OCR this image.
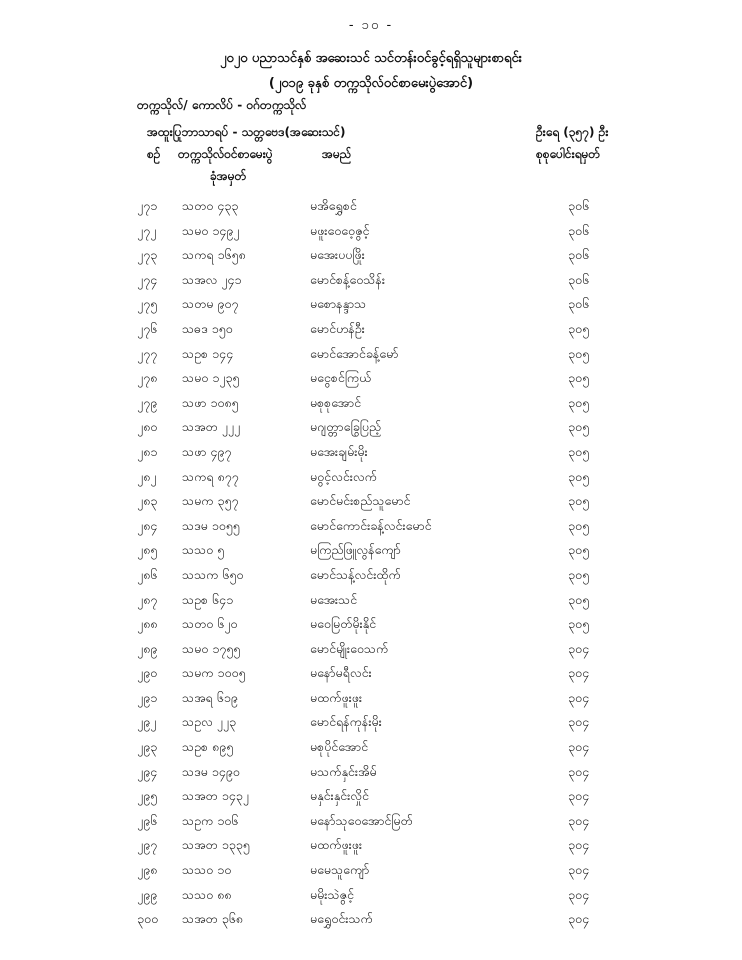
- ၁၀ -
၂၀၂၀ ပညာသင်နှစ် အဆေးသင် သင်တန်းဝင်ခွင့်ရရှိသူများစာရင်း
(၂၀၁၉ ခုနှစ် တက္ကသိုလ်ဝင်စာမေးပွဲအောင်)
တက္ကသိုလ်/ ကောလိပ် - ဝဂ်တက္ကသိုလ်
အထူးပြုဘာသာရပ် - သတ္တဗေဒ(အဆေးသင်)	ဦးရေ (၃၅၇) ဦး
စဉ် တက္ကသိုလ်ဝင်စာမေးပွဲ	အမည်	စုစုပေါင်းရမှတ်
ခုံအမှတ်
၂၇၁ သတဝ ၄၃၃	မအိရွှေစင်	၃၀၆
၂၇၂ သမဝ ၁၄၉၂	မဖူးဝေဝေ့ဇွင့်	၃၀၆
၂၇၃ သကရ ၁၆၅၈	မအေးပပဖြိုး	၃၀၆
၂၇၄ သအလ ၂၄၁	မောင်စန့်ဝေသိန်း	၃၀၆
၂၇၅ သတမ ၉၀၇	မစောနန္ဒာသ	၃၀၆
၂၇၆ သဓဒ ၁၅၀	မောင်ဟန်ဦး	၃၀၅
၂၇၇ သဥစ ၁၄၄	မောင်အောင်ခန့်မော်	၃၀၅
၂၇၈ သမဝ ၁၂၃၅	မငွေစင်ကြယ်	၃၀၅
၂၇၉ သဖာ ၁၀၈၅	မစုစုအောင်	၃၀၅
၂၈၀ သအတ ၂၂၂	မဂျတ္တာခြွေပြည့်	၃၀၅
၂၈၁ သဖာ ၄၉၇	မအေးချမ်းမိုး	၃၀၅
၂၈၂ သကရ ၈၇၇	မဝွင့်လင်းလက်	၃၀၅
၂၈၃ သမက ၃၅၇	မောင်မင်းစည်သူမောင်	၃၀၅
၂၈၄ သဒမ ၁၀၅၅	မောင်ကောင်းခန့်လင်းမောင်	၃၀၅
၂၈၅ သသဝ ၅	မကြည်ဖြူလွန်ကျော်	၃၀၅
၂၈၆ သသက ၆၅၀	မောင်သန့်လင်းထိုက်	၃၀၅
၂၈၇ သဥစ ၆၄၁	မအေးသင်	၃၀၅
၂၈၈ သတဝ ၆၂၀	မဝေမြတ်မိုးနိုင်	၃၀၅
၂၈၉ သမဝ ၁၇၅၅	မောင်မျိုးဝေသက်	၃၀၄
၂၉၀ သမက ၁၀၀၅	မနော်မရီလင်း	၃၀၄
၂၉၁ သအရ ၆၁၉	မထက်ဖူးဖူး	၃၀၄
၂၉၂ သဥလ ၂၂၃	မောင်ရန်ကုန်းမိုး	၃၀၄
၂၉၃ သဥစ ၈၉၅	မစုပိုင်အောင်	၃၀၄
၂၉၄ သဒမ ၁၄၉၀	မသက်နှင်းအိမ်	၃၀၄
၂၉၅ သအတ ၁၄၃၂	မနှင်းနှင်းလှိုင်	၃၀၄
၂၉၆ သဥက ၁၀၆	မနော်သုဝေအောင်မြတ်	၃၀၄
၂၉၇ သအတ ၁၃၃၅	မထက်ဖူးဖူး	၃၀၄
၂၉၈ သသဝ ၁၀	မမေသူကျော်	၃၀၄
၂၉၉ သသဝ ၈၈	မမိုးသဲဇွင့်	၃၀၄
၃၀၀ သအတ ၃၆၈	မရွှေဝင်းသက်	၃၀၄
